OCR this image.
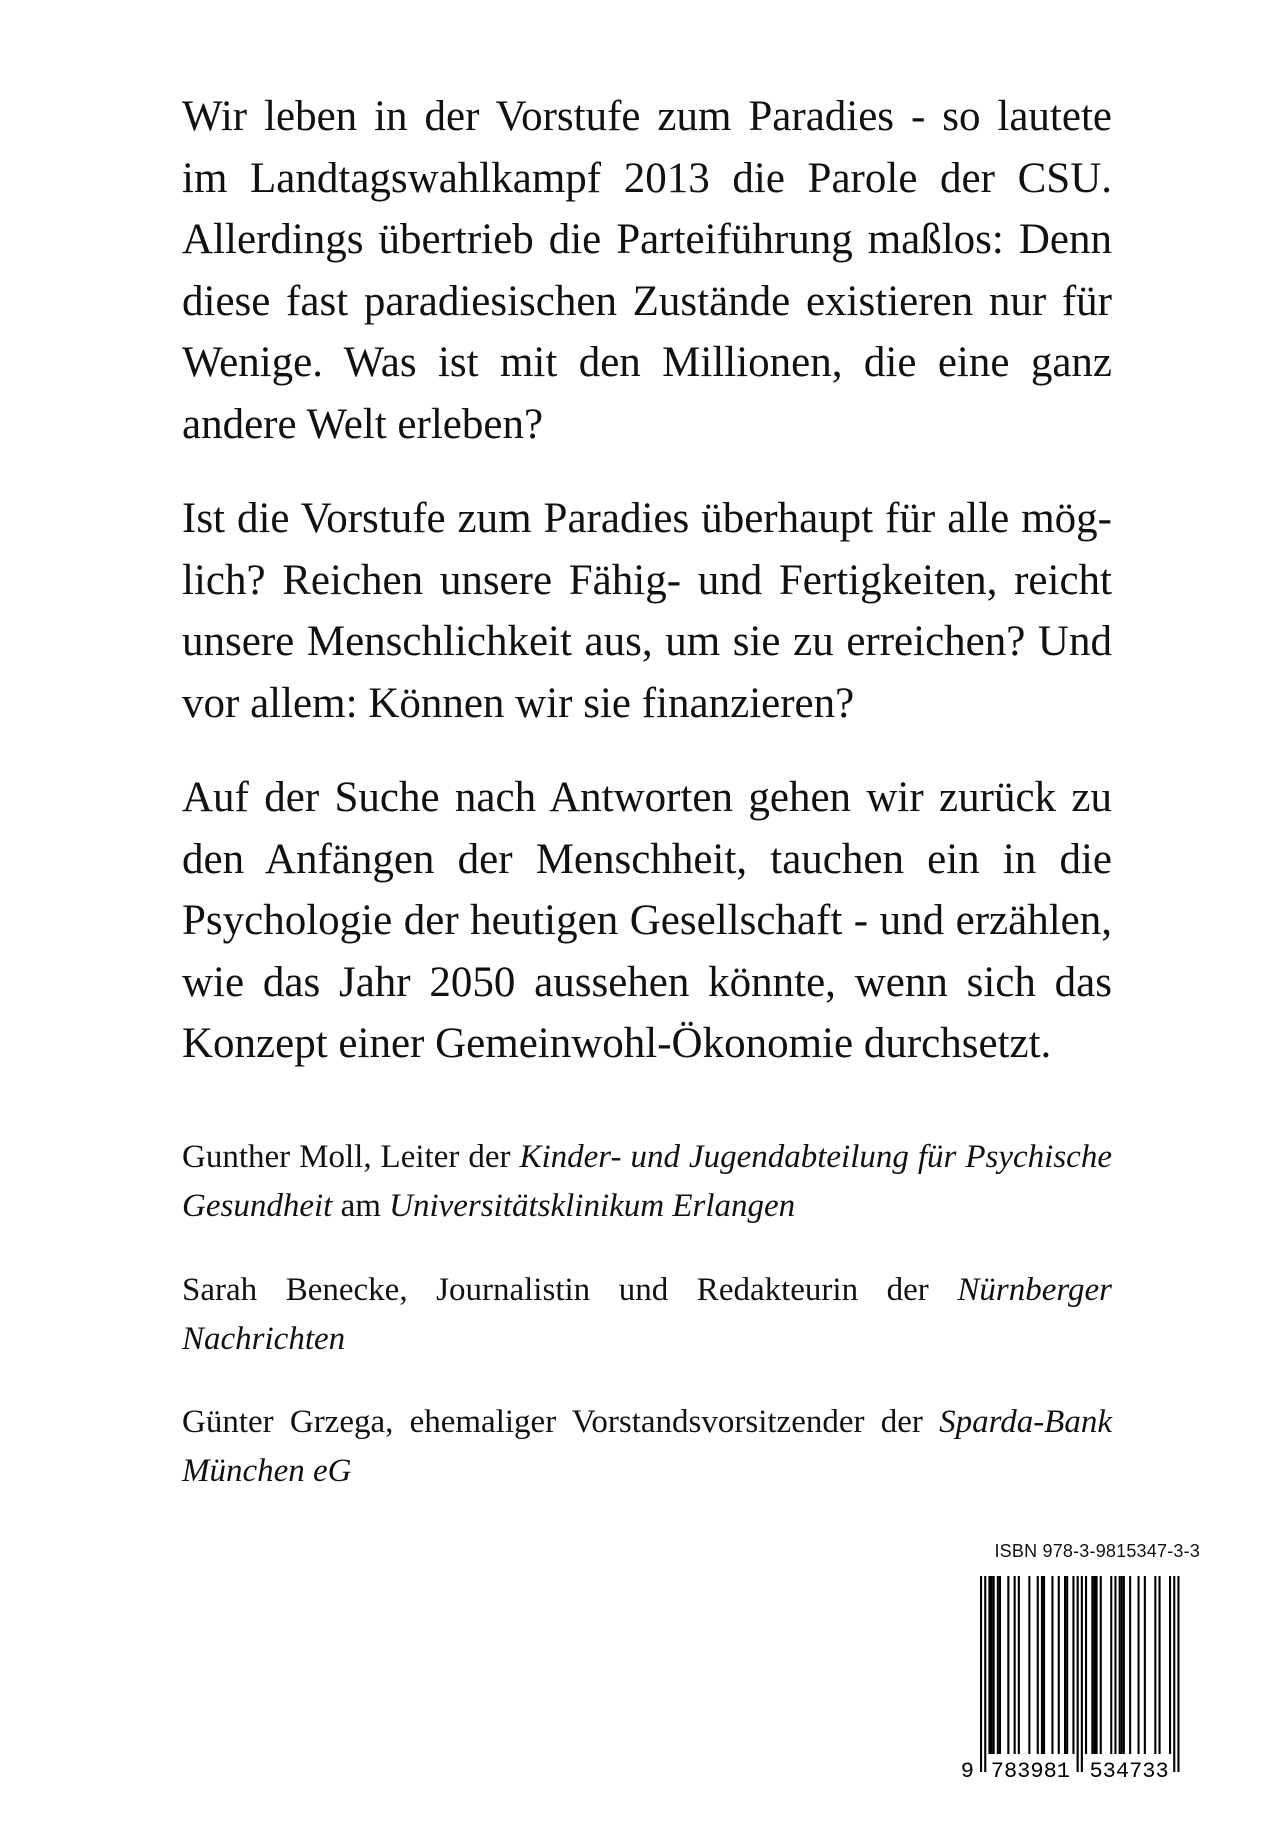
Wir leben in der Vorstufe zum Paradies - so lautete im Landtagswahlkampf 2013 die Parole der CSU. Allerdings übertrieb die Parteiführung maßlos: Denn diese fast paradiesischen Zustände existieren nur für Wenige. Was ist mit den Millionen, die eine ganz andere Welt erleben?

Ist die Vorstufe zum Paradies überhaupt für alle möglich? Reichen unsere Fähig- und Fertigkeiten, reicht unsere Menschlichkeit aus, um sie zu erreichen? Und vor allem: Können wir sie finanzieren?

Auf der Suche nach Antworten gehen wir zurück zu den Anfängen der Menschheit, tauchen ein in die Psychologie der heutigen Gesellschaft - und erzählen, wie das Jahr 2050 aussehen könnte, wenn sich das Konzept einer Gemeinwohl-Ökonomie durchsetzt.

Gunther Moll, Leiter der Kinder- und Jugendabteilung für Psychische Gesundheit am Universitätsklinikum Erlangen
Sarah Benecke, Journalistin und Redakteurin der Nürnberger Nachrichten
Günter Grzega, ehemaliger Vorstandsvorsitzender der Sparda-Bank München eG
ISBN 978-3-9815347-3-3
9 783981 534733
